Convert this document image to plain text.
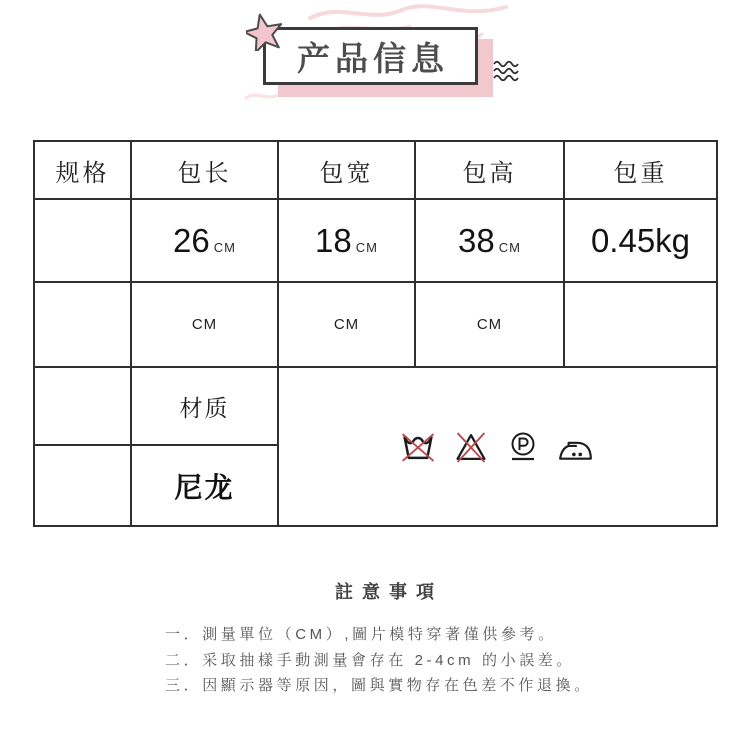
产品信息
规格	包长	包宽	包高	包重
	26 CM	18 CM	38 CM	0.45kg
	CM	CM	CM	
	材质	

	尼龙			
註意事項
一．測量單位（CM）,圖片模特穿著僅供參考。
二．采取抽樣手動測量會存在 2-4cm 的小誤差。
三．因顯示器等原因，圖與實物存在色差不作退換。
